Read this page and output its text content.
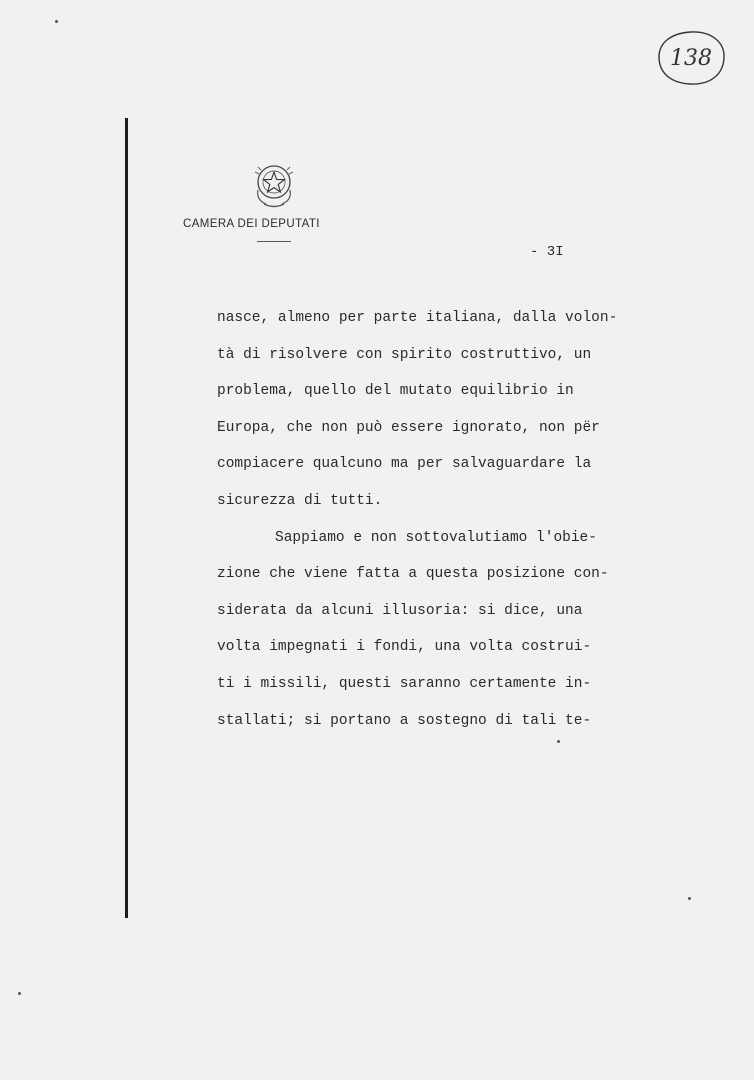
138
CAMERA DEI DEPUTATI
- 3I
nasce, almeno per parte italiana, dalla volon-
tà di risolvere con spirito costruttivo, un
problema, quello del mutato equilibrio in
Europa, che non può essere ignorato, non për
compiacere qualcuno ma per salvaguardare la
sicurezza di tutti.
Sappiamo e non sottovalutiamo l'obie-
zione che viene fatta a questa posizione con-
siderata da alcuni illusoria: si dice, una
volta impegnati i fondi, una volta costrui-
ti i missili, questi saranno certamente in-
stallati; si portano a sostegno di tali te-
